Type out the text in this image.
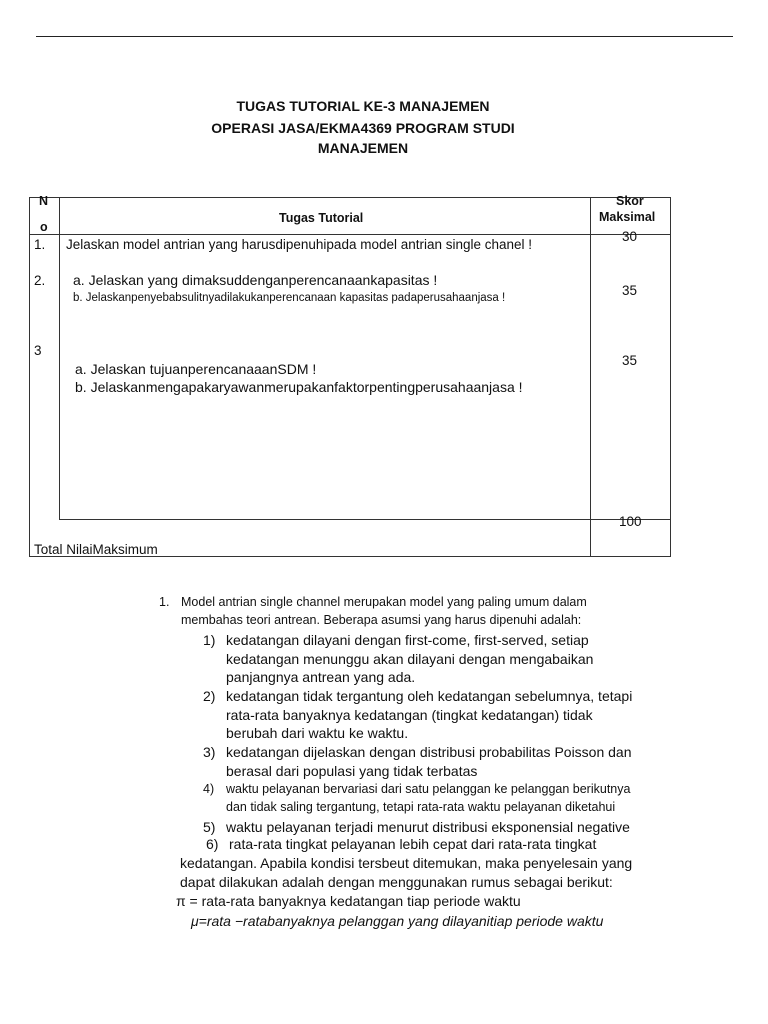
TUGAS TUTORIAL KE-3 MANAJEMEN
OPERASI JASA/EKMA4369 PROGRAM STUDI
MANAJEMEN
N
o
Tugas Tutorial
Skor
Maksimal
1. Jelaskan model antrian yang harusdipenuhipada model antrian single chanel !
30
2. a. Jelaskan yang dimaksuddenganperencanaankapasitas !
b. Jelaskanpenyebabsulitnyadilakukanperencanaan kapasitas padaperusahaanjasa !	35
3
a. Jelaskan tujuanperencanaaanSDM !
b. Jelaskanmengapakaryawanmerupakanfaktorpentingperusahaanjasa !
35
Total NilaiMaksimum
100
1. Model antrian single channel merupakan model yang paling umum dalam
membahas teori antrean. Beberapa asumsi yang harus dipenuhi adalah:
1) kedatangan dilayani dengan first-come, first-served, setiap
kedatangan menunggu akan dilayani dengan mengabaikan
panjangnya antrean yang ada.
2) kedatangan tidak tergantung oleh kedatangan sebelumnya, tetapi
rata-rata banyaknya kedatangan (tingkat kedatangan) tidak
berubah dari waktu ke waktu.
3) kedatangan dijelaskan dengan distribusi probabilitas Poisson dan
berasal dari populasi yang tidak terbatas
4) waktu pelayanan bervariasi dari satu pelanggan ke pelanggan berikutnya
dan tidak saling tergantung, tetapi rata-rata waktu pelayanan diketahui
5) waktu pelayanan terjadi menurut distribusi eksponensial negative
6) rata-rata tingkat pelayanan lebih cepat dari rata-rata tingkat
kedatangan. Apabila kondisi tersbeut ditemukan, maka penyelesain yang
dapat dilakukan adalah dengan menggunakan rumus sebagai berikut:
π = rata-rata banyaknya kedatangan tiap periode waktu
μ=rata −ratabanyaknya pelanggan yang dilayanitiap periode waktu
